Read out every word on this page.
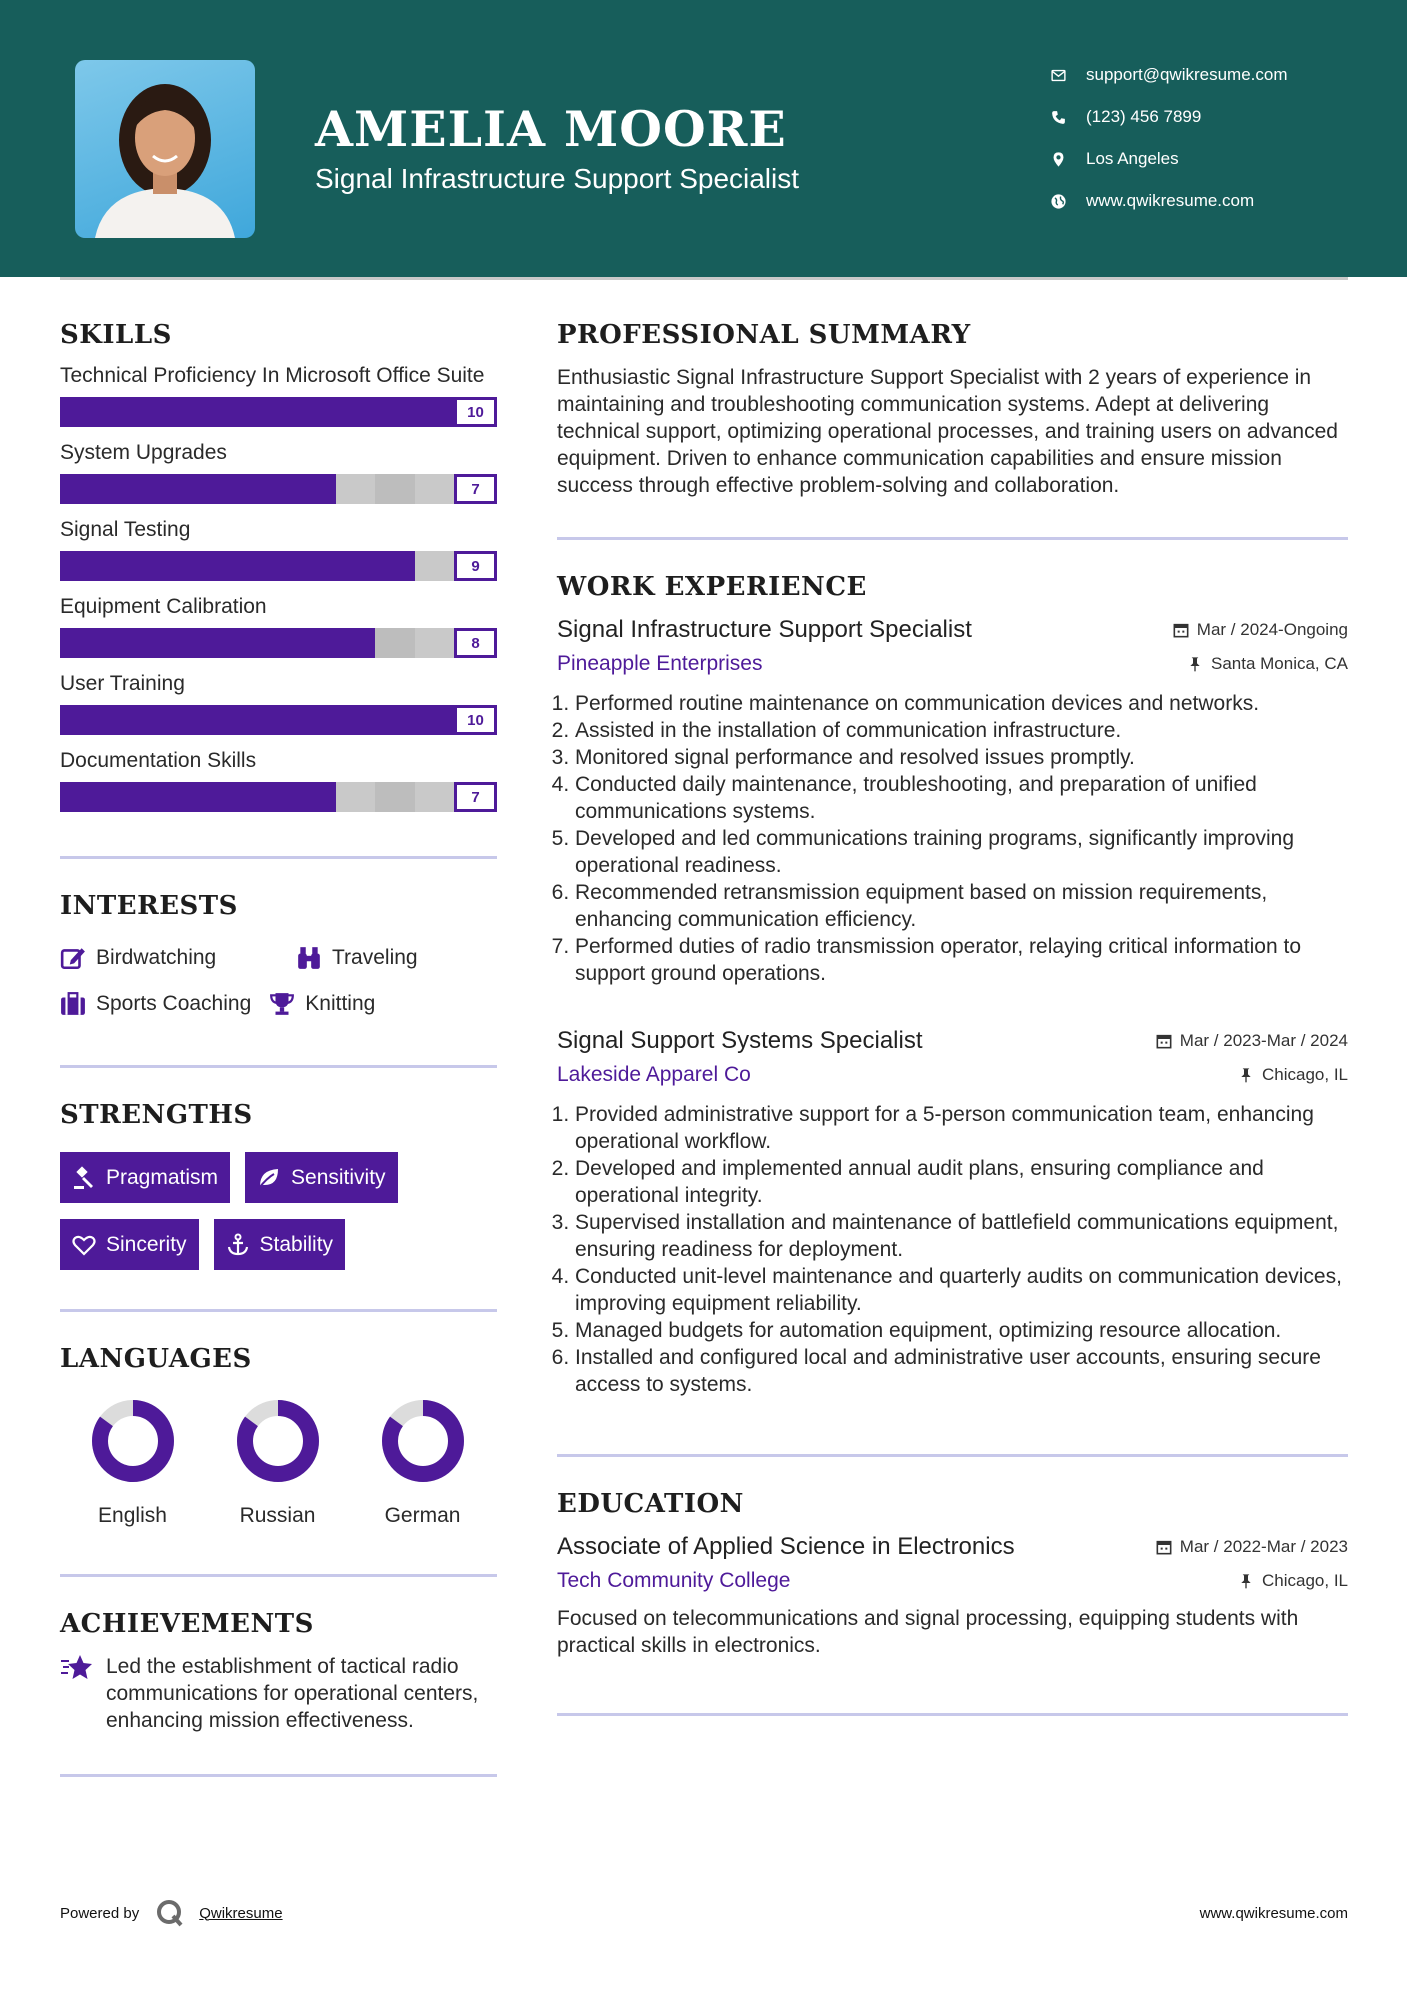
AMELIA MOORE
Signal Infrastructure Support Specialist
support@qwikresume.com
(123) 456 7899
Los Angeles
www.qwikresume.com
SKILLS
Technical Proficiency In Microsoft Office Suite
10
System Upgrades
7
Signal Testing
9
Equipment Calibration
8
User Training
10
Documentation Skills
7
INTERESTS
Birdwatching	Traveling
Sports Coaching	Knitting
STRENGTHS
Pragmatism	Sensitivity
Sincerity	Stability
LANGUAGES
English	Russian	German
ACHIEVEMENTS
Led the establishment of tactical radio communications for operational centers, enhancing mission effectiveness.
PROFESSIONAL SUMMARY
Enthusiastic Signal Infrastructure Support Specialist with 2 years of experience in maintaining and troubleshooting communication systems. Adept at delivering technical support, optimizing operational processes, and training users on advanced equipment. Driven to enhance communication capabilities and ensure mission success through effective problem-solving and collaboration.
WORK EXPERIENCE
Signal Infrastructure Support Specialist	Mar / 2024-Ongoing
Pineapple Enterprises	Santa Monica, CA
1. Performed routine maintenance on communication devices and networks.
2. Assisted in the installation of communication infrastructure.
3. Monitored signal performance and resolved issues promptly.
4. Conducted daily maintenance, troubleshooting, and preparation of unified communications systems.
5. Developed and led communications training programs, significantly improving operational readiness.
6. Recommended retransmission equipment based on mission requirements, enhancing communication efficiency.
7. Performed duties of radio transmission operator, relaying critical information to support ground operations.
Signal Support Systems Specialist	Mar / 2023-Mar / 2024
Lakeside Apparel Co	Chicago, IL
1. Provided administrative support for a 5-person communication team, enhancing operational workflow.
2. Developed and implemented annual audit plans, ensuring compliance and operational integrity.
3. Supervised installation and maintenance of battlefield communications equipment, ensuring readiness for deployment.
4. Conducted unit-level maintenance and quarterly audits on communication devices, improving equipment reliability.
5. Managed budgets for automation equipment, optimizing resource allocation.
6. Installed and configured local and administrative user accounts, ensuring secure access to systems.
EDUCATION
Associate of Applied Science in Electronics	Mar / 2022-Mar / 2023
Tech Community College	Chicago, IL
Focused on telecommunications and signal processing, equipping students with practical skills in electronics.
Powered by	Qwikresume	www.qwikresume.com
